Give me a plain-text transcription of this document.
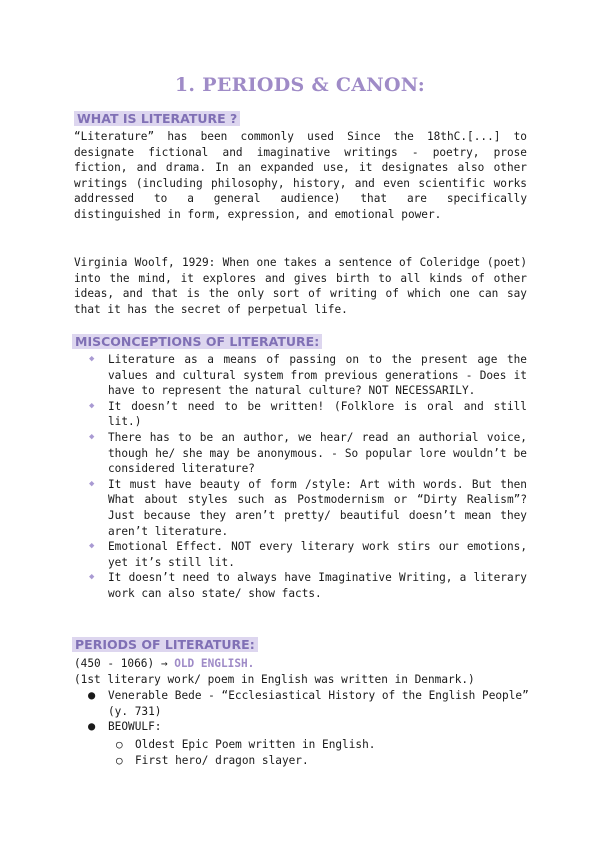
1. PERIODS & CANON:
WHAT IS LITERATURE ?

“Literature” has been commonly used Since the 18thC.[...] to designate fictional and imaginative writings - poetry, prose fiction, and drama. In an expanded use, it designates also other writings (including philosophy, history, and even scientific works addressed to a general audience) that are specifically distinguished in form, expression, and emotional power.

Virginia Woolf, 1929: When one takes a sentence of Coleridge (poet) into the mind, it explores and gives birth to all kinds of other ideas, and that is the only sort of writing of which one can say that it has the secret of perpetual life.

MISCONCEPTIONS OF LITERATURE:
◆ Literature as a means of passing on to the present age the values and cultural system from previous generations - Does it have to represent the natural culture? NOT NECESSARILY.
◆ It doesn’t need to be written! (Folklore is oral and still lit.)
◆ There has to be an author, we hear/ read an authorial voice, though he/ she may be anonymous. - So popular lore wouldn’t be considered literature?
◆ It must have beauty of form /style: Art with words. But then What about styles such as Postmodernism or “Dirty Realism”? Just because they aren’t pretty/ beautiful doesn’t mean they aren’t literature.
◆ Emotional Effect. NOT every literary work stirs our emotions, yet it’s still lit.
◆ It doesn’t need to always have Imaginative Writing, a literary work can also state/ show facts.
PERIODS OF LITERATURE:
(450 - 1066) → OLD ENGLISH.
(1st literary work/ poem in English was written in Denmark.)
● Venerable Bede - “Ecclesiastical History of the English People” (y. 731)
● BEOWULF:
○ Oldest Epic Poem written in English.
○ First hero/ dragon slayer.
